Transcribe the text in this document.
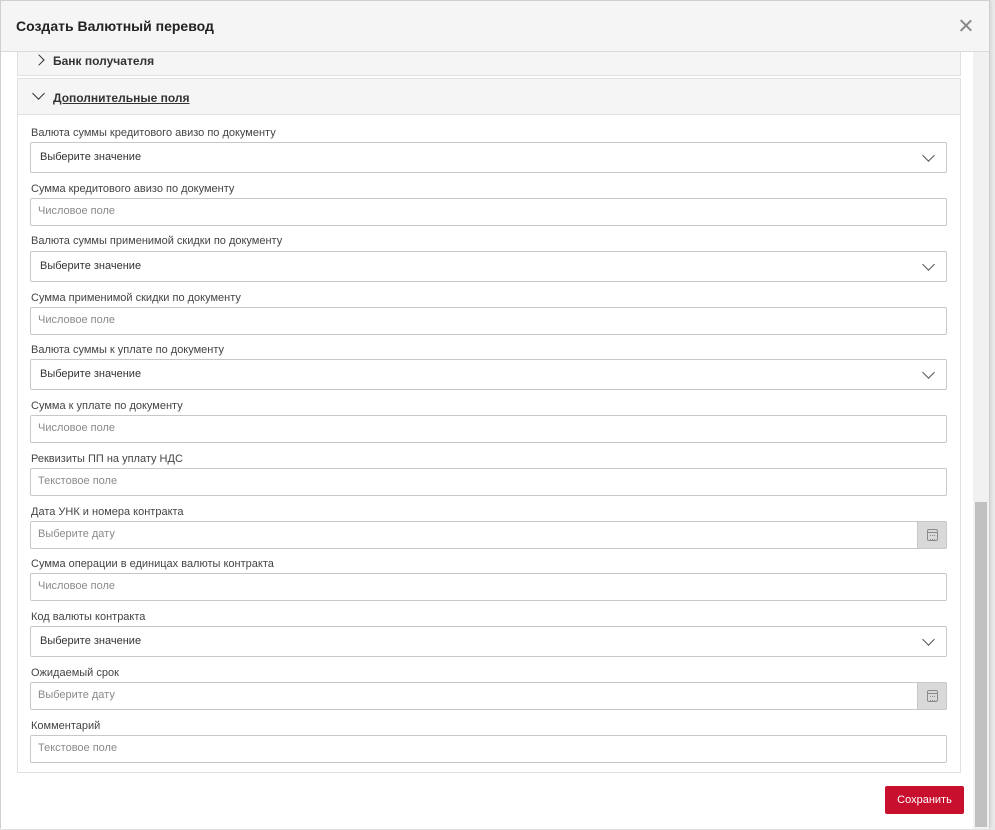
Создать Валютный перевод
Банк получателя
Дополнительные поля
Валюта суммы кредитового авизо по документу
Выберите значение
Сумма кредитового авизо по документу
Числовое поле
Валюта суммы применимой скидки по документу
Выберите значение
Сумма применимой скидки по документу
Числовое поле
Валюта суммы к уплате по документу
Выберите значение
Сумма к уплате по документу
Числовое поле
Реквизиты ПП на уплату НДС
Текстовое поле
Дата УНК и номера контракта
Выберите дату
Сумма операции в единицах валюты контракта
Числовое поле
Код валюты контракта
Выберите значение
Ожидаемый срок
Выберите дату
Комментарий
Текстовое поле
Сохранить
